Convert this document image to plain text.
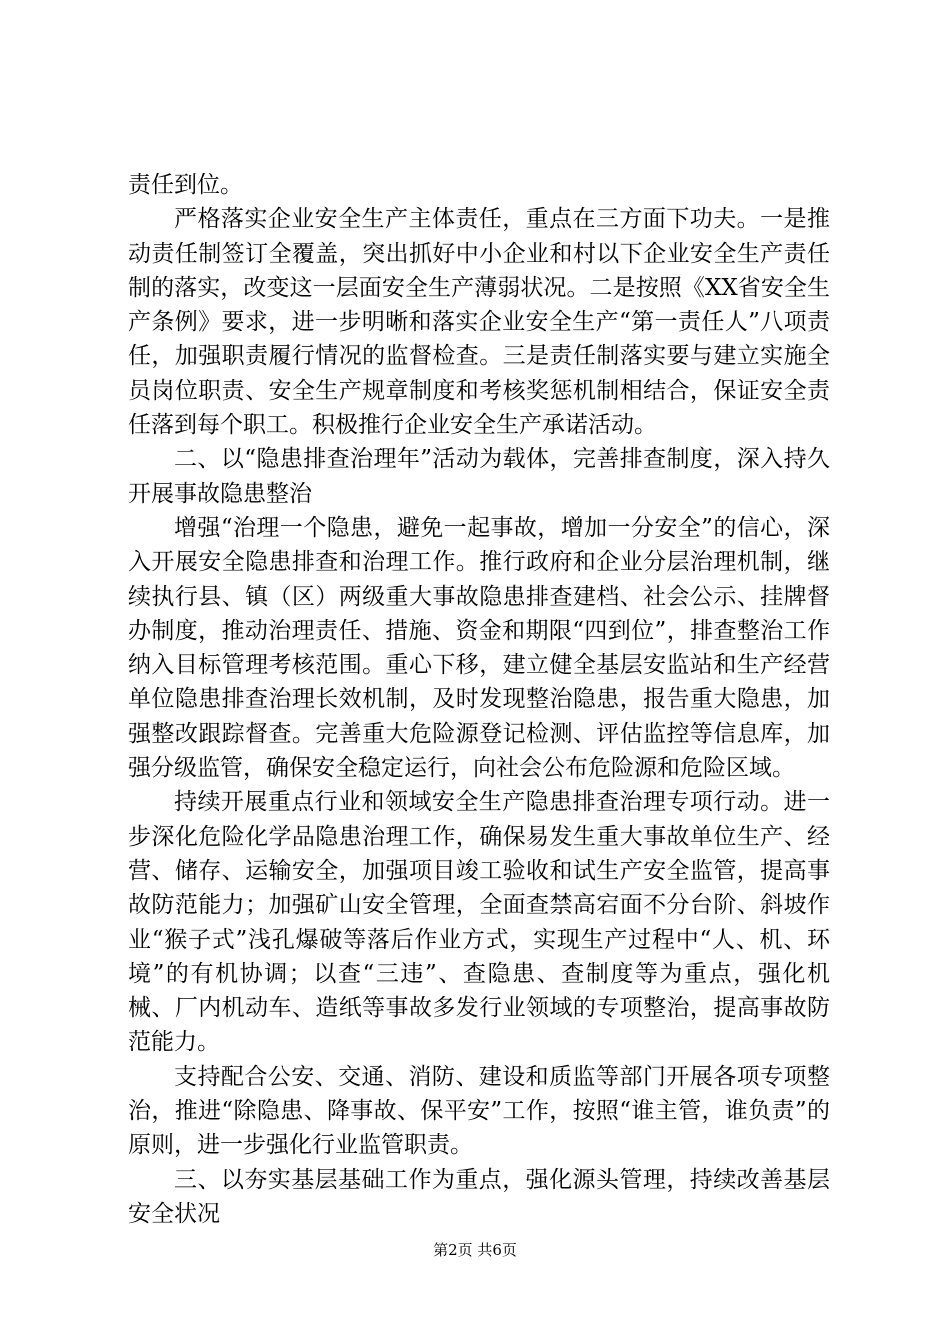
责任到位。

严格落实企业安全生产主体责任，重点在三方面下功夫。一是推动责任制签订全覆盖，突出抓好中小企业和村以下企业安全生产责任制的落实，改变这一层面安全生产薄弱状况。二是按照《XX省安全生产条例》要求，进一步明晰和落实企业安全生产“第一责任人”八项责任，加强职责履行情况的监督检查。三是责任制落实要与建立实施全员岗位职责、安全生产规章制度和考核奖惩机制相结合，保证安全责任落到每个职工。积极推行企业安全生产承诺活动。

二、以“隐患排查治理年”活动为载体，完善排查制度，深入持久开展事故隐患整治

增强“治理一个隐患，避免一起事故，增加一分安全”的信心，深入开展安全隐患排查和治理工作。推行政府和企业分层治理机制，继续执行县、镇（区）两级重大事故隐患排查建档、社会公示、挂牌督办制度，推动治理责任、措施、资金和期限“四到位”，排查整治工作纳入目标管理考核范围。重心下移，建立健全基层安监站和生产经营单位隐患排查治理长效机制，及时发现整治隐患，报告重大隐患，加强整改跟踪督查。完善重大危险源登记检测、评估监控等信息库，加强分级监管，确保安全稳定运行，向社会公布危险源和危险区域。

持续开展重点行业和领域安全生产隐患排查治理专项行动。进一步深化危险化学品隐患治理工作，确保易发生重大事故单位生产、经营、储存、运输安全，加强项目竣工验收和试生产安全监管，提高事故防范能力；加强矿山安全管理，全面查禁高宕面不分台阶、斜坡作业“猴子式”浅孔爆破等落后作业方式，实现生产过程中“人、机、环境”的有机协调；以查“三违”、查隐患、查制度等为重点，强化机械、厂内机动车、造纸等事故多发行业领域的专项整治，提高事故防范能力。

支持配合公安、交通、消防、建设和质监等部门开展各项专项整治，推进“除隐患、降事故、保平安”工作，按照“谁主管，谁负责”的原则，进一步强化行业监管职责。

三、以夯实基层基础工作为重点，强化源头管理，持续改善基层安全状况

第2页 共6页
